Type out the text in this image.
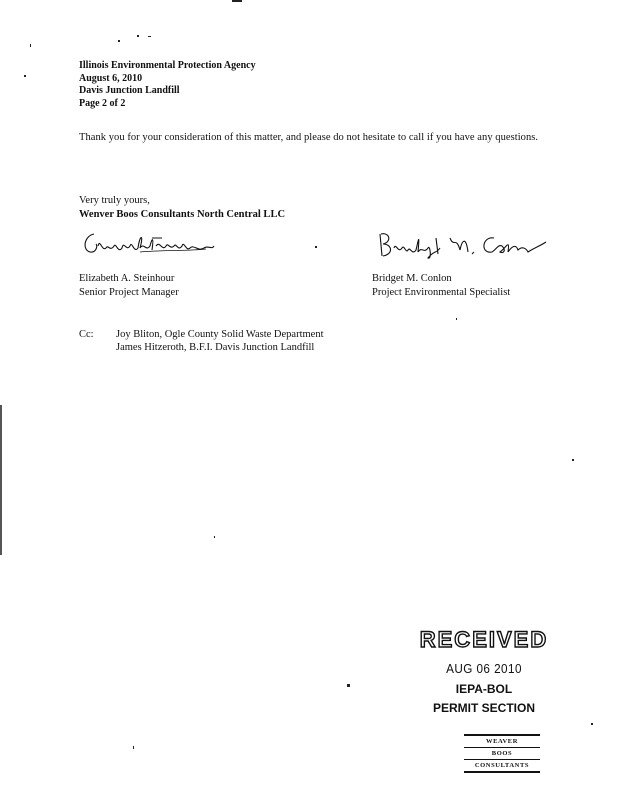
Illinois Environmental Protection Agency
August 6, 2010
Davis Junction Landfill
Page 2 of 2
Thank you for your consideration of this matter, and please do not hesitate to call if you have any questions.
Very truly yours,
Wenver Boos Consultants North Central LLC
Elizabeth A. Steinhour
Senior Project Manager
Bridget M. Conlon
Project Environmental Specialist
Cc:	Joy Bliton, Ogle County Solid Waste Department
James Hitzeroth, B.F.I. Davis Junction Landfill
RECEIVED
AUG 06 2010
IEPA-BOL
PERMIT SECTION
WEAVER
BOOS
CONSULTANTS
